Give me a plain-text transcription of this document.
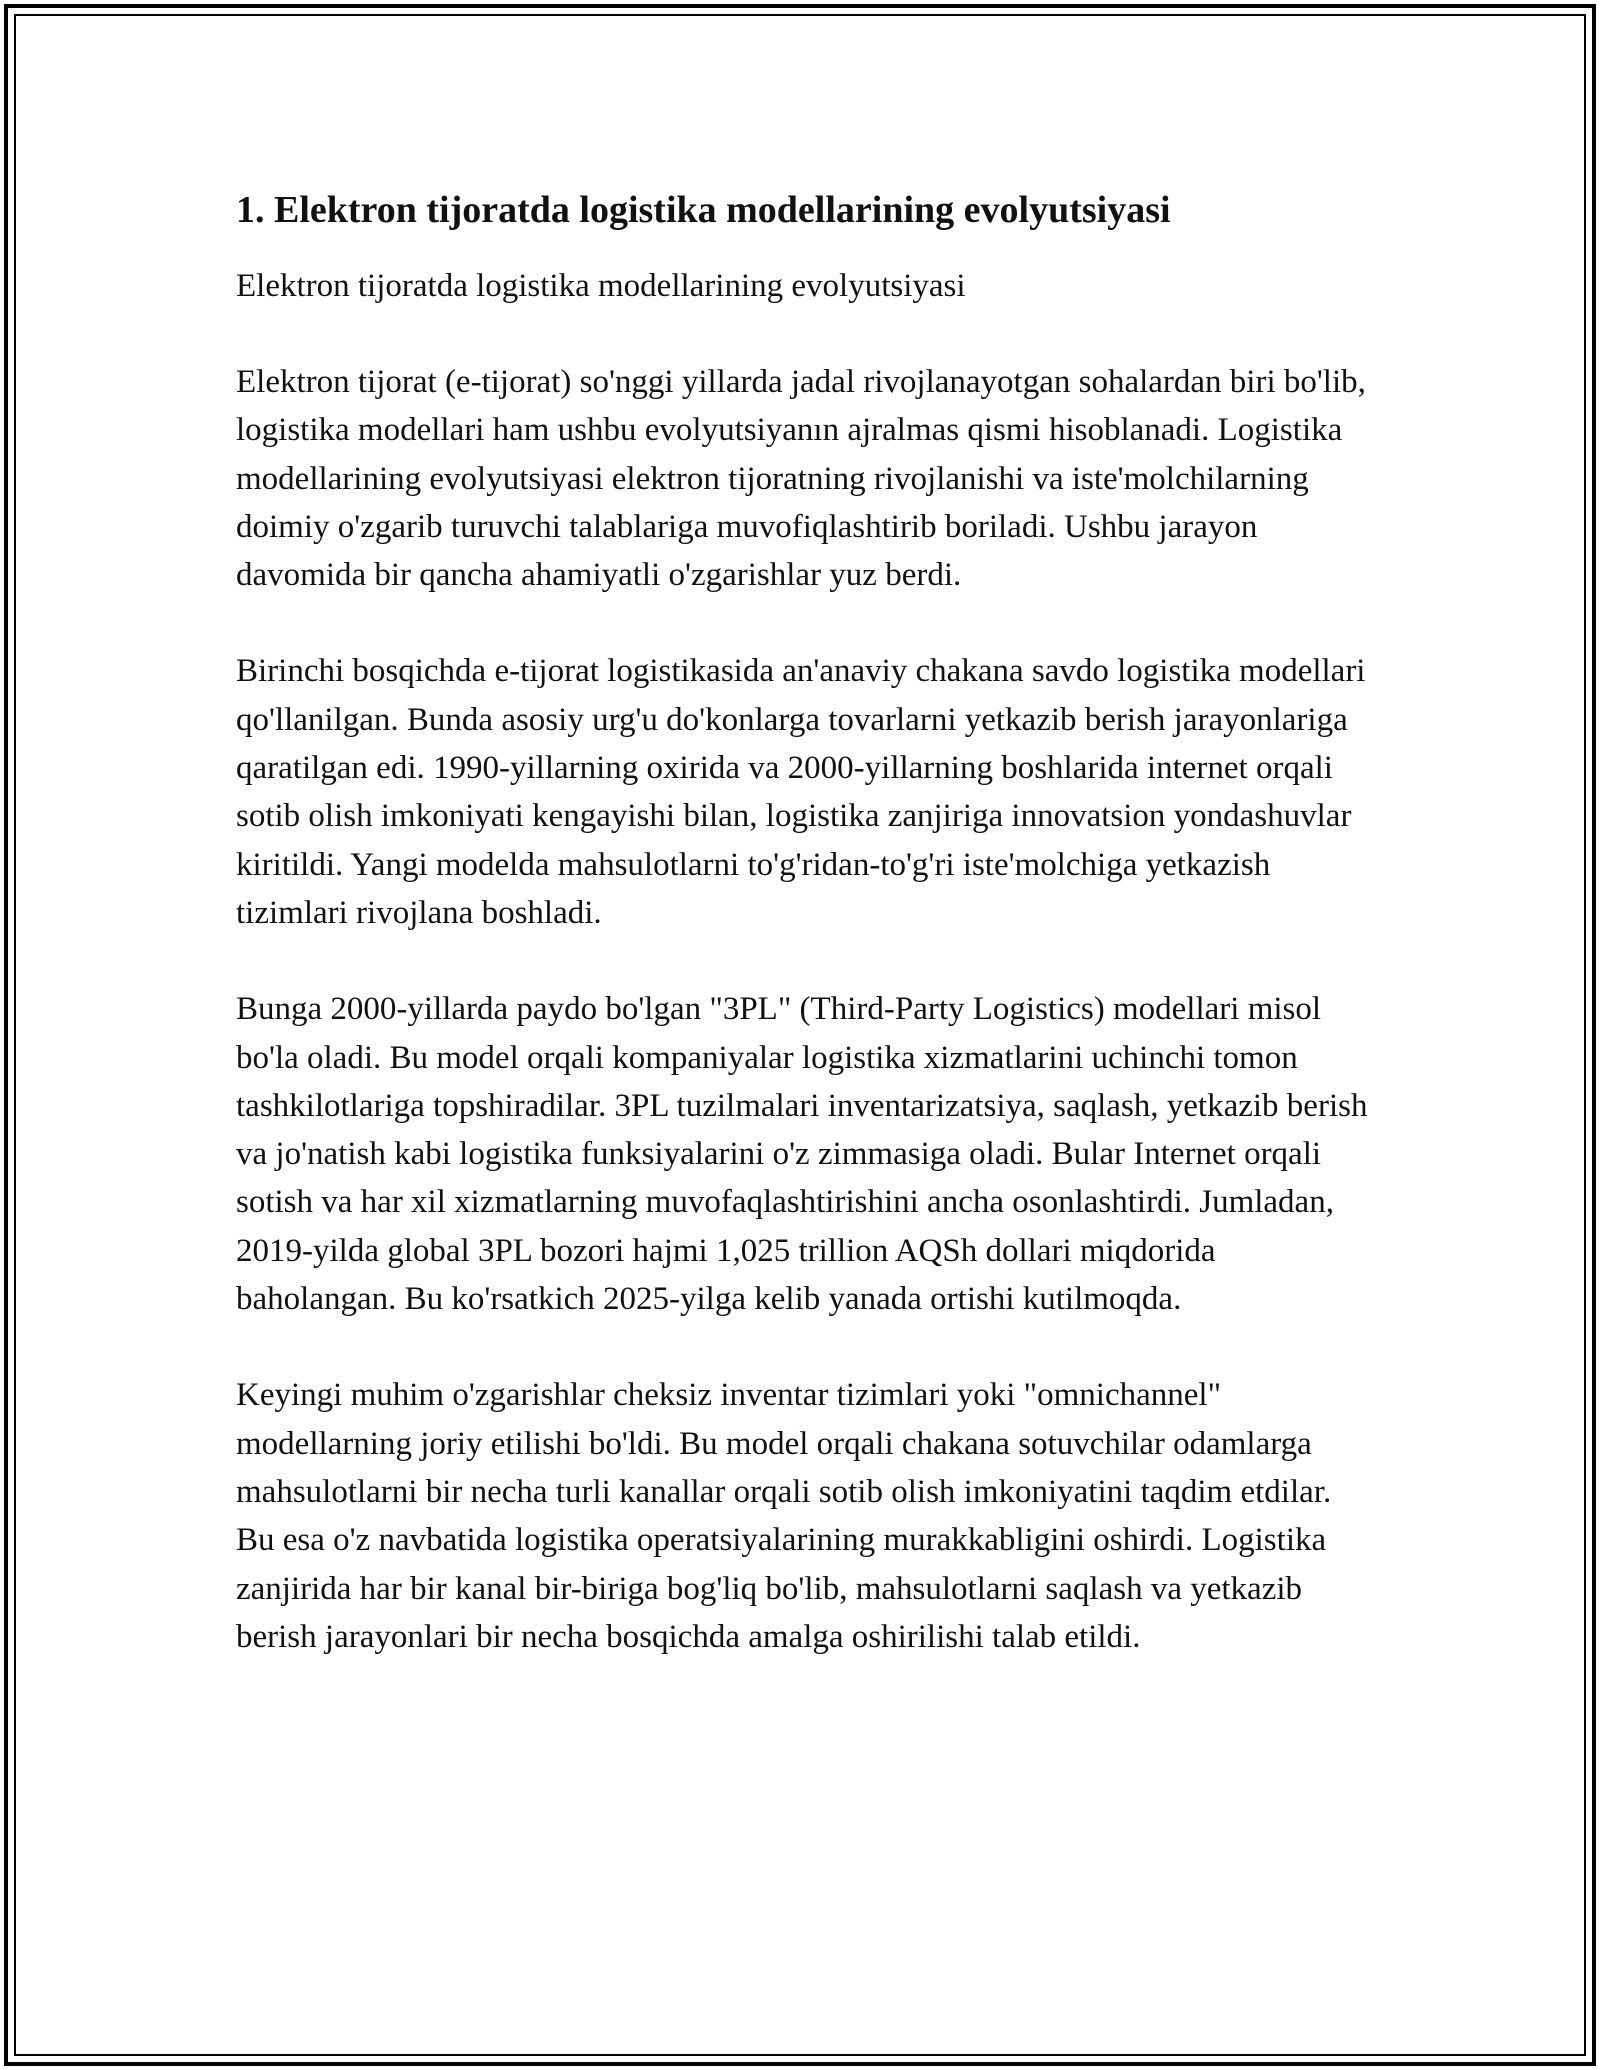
1. Elektron tijoratda logistika modellarining evolyutsiyasi

Elektron tijoratda logistika modellarining evolyutsiyasi

Elektron tijorat (e-tijorat) so'nggi yillarda jadal rivojlanayotgan sohalardan biri bo'lib, logistika modellari ham ushbu evolyutsiyanın ajralmas qismi hisoblanadi. Logistika modellarining evolyutsiyasi elektron tijoratning rivojlanishi va iste'molchilarning doimiy o'zgarib turuvchi talablariga muvofiqlashtirib boriladi. Ushbu jarayon davomida bir qancha ahamiyatli o'zgarishlar yuz berdi.

Birinchi bosqichda e-tijorat logistikasida an'anaviy chakana savdo logistika modellari qo'llanilgan. Bunda asosiy urg'u do'konlarga tovarlarni yetkazib berish jarayonlariga qaratilgan edi. 1990-yillarning oxirida va 2000-yillarning boshlarida internet orqali sotib olish imkoniyati kengayishi bilan, logistika zanjiriga innovatsion yondashuvlar kiritildi. Yangi modelda mahsulotlarni to'g'ridan-to'g'ri iste'molchiga yetkazish tizimlari rivojlana boshladi.

Bunga 2000-yillarda paydo bo'lgan "3PL" (Third-Party Logistics) modellari misol bo'la oladi. Bu model orqali kompaniyalar logistika xizmatlarini uchinchi tomon tashkilotlariga topshiradilar. 3PL tuzilmalari inventarizatsiya, saqlash, yetkazib berish va jo'natish kabi logistika funksiyalarini o'z zimmasiga oladi. Bular Internet orqali sotish va har xil xizmatlarning muvofaqlashtirishini ancha osonlashtirdi. Jumladan, 2019-yilda global 3PL bozori hajmi 1,025 trillion AQSh dollari miqdorida baholangan. Bu ko'rsatkich 2025-yilga kelib yanada ortishi kutilmoqda.

Keyingi muhim o'zgarishlar cheksiz inventar tizimlari yoki "omnichannel" modellarning joriy etilishi bo'ldi. Bu model orqali chakana sotuvchilar odamlarga mahsulotlarni bir necha turli kanallar orqali sotib olish imkoniyatini taqdim etdilar. Bu esa o'z navbatida logistika operatsiyalarining murakkabligini oshirdi. Logistika zanjirida har bir kanal bir-biriga bog'liq bo'lib, mahsulotlarni saqlash va yetkazib berish jarayonlari bir necha bosqichda amalga oshirilishi talab etildi.
